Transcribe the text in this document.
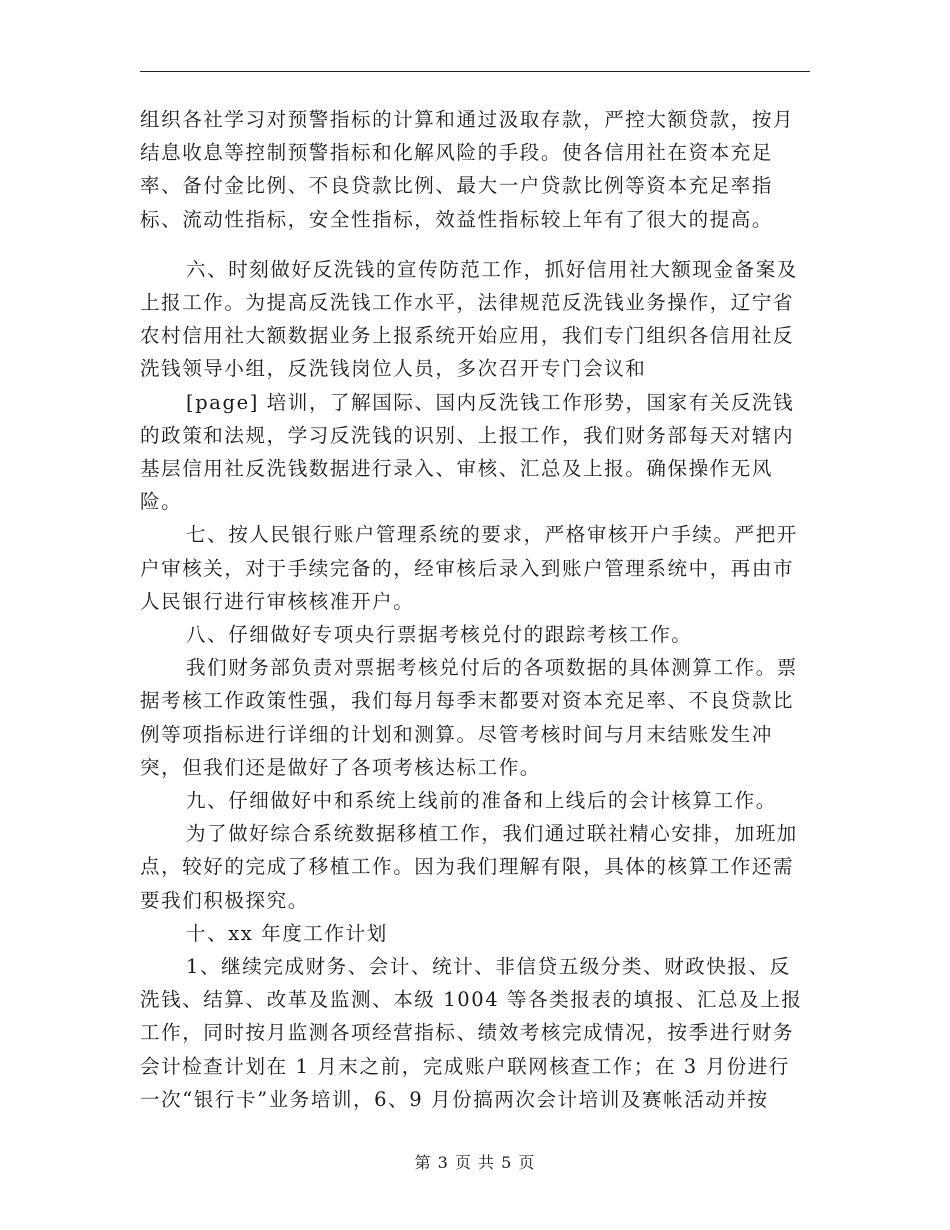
组织各社学习对预警指标的计算和通过汲取存款，严控大额贷款，按月结息收息等控制预警指标和化解风险的手段。使各信用社在资本充足率、备付金比例、不良贷款比例、最大一户贷款比例等资本充足率指标、流动性指标，安全性指标，效益性指标较上年有了很大的提高。

六、时刻做好反洗钱的宣传防范工作，抓好信用社大额现金备案及上报工作。为提高反洗钱工作水平，法律规范反洗钱业务操作，辽宁省农村信用社大额数据业务上报系统开始应用，我们专门组织各信用社反洗钱领导小组，反洗钱岗位人员，多次召开专门会议和

[page] 培训，了解国际、国内反洗钱工作形势，国家有关反洗钱的政策和法规，学习反洗钱的识别、上报工作，我们财务部每天对辖内基层信用社反洗钱数据进行录入、审核、汇总及上报。确保操作无风险。

七、按人民银行账户管理系统的要求，严格审核开户手续。严把开户审核关，对于手续完备的，经审核后录入到账户管理系统中，再由市人民银行进行审核核准开户。

八、仔细做好专项央行票据考核兑付的跟踪考核工作。

我们财务部负责对票据考核兑付后的各项数据的具体测算工作。票据考核工作政策性强，我们每月每季末都要对资本充足率、不良贷款比例等项指标进行详细的计划和测算。尽管考核时间与月末结账发生冲突，但我们还是做好了各项考核达标工作。

九、仔细做好中和系统上线前的准备和上线后的会计核算工作。

为了做好综合系统数据移植工作，我们通过联社精心安排，加班加点，较好的完成了移植工作。因为我们理解有限，具体的核算工作还需要我们积极探究。

十、xx 年度工作计划

1、继续完成财务、会计、统计、非信贷五级分类、财政快报、反洗钱、结算、改革及监测、本级 1004 等各类报表的填报、汇总及上报工作，同时按月监测各项经营指标、绩效考核完成情况，按季进行财务会计检查计划在 1 月末之前，完成账户联网核查工作；在 3 月份进行一次“银行卡”业务培训，6、9 月份搞两次会计培训及赛帐活动并按

第 3 页 共 5 页
